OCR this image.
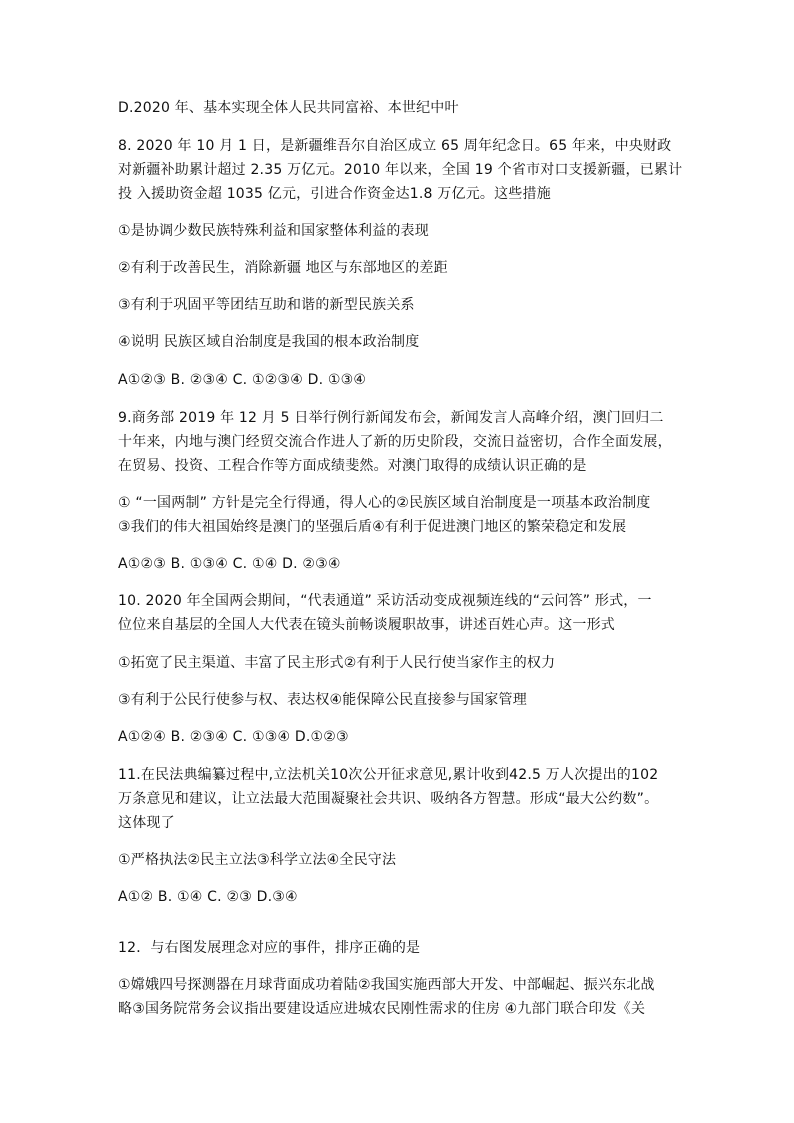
D.2020 年、基本实现全体人民共同富裕、本世纪中叶
8. 2020 年 10 月 1 日，是新疆维吾尔自治区成立 65 周年纪念日。65 年来，中央财政
对新疆补助累计超过 2.35 万亿元。2010 年以来，全国 19 个省市对口支援新疆，已累计
投 入援助资金超 1035 亿元，引进合作资金达1.8 万亿元。这些措施
①是协调少数民族特殊利益和国家整体利益的表现
②有利于改善民生，消除新疆 地区与东部地区的差距
③有利于巩固平等团结互助和谐的新型民族关系
④说明 民族区域自治制度是我国的根本政治制度
A①②③ B. ②③④ C. ①②③④ D. ①③④
9.商务部 2019 年 12 月 5 日举行例行新闻发布会，新闻发言人高峰介绍，澳门回归二
十年来，内地与澳门经贸交流合作进人了新的历史阶段，交流日益密切，合作全面发展，
在贸易、投资、工程合作等方面成绩斐然。对澳门取得的成绩认识正确的是
① “一国两制” 方针是完全行得通，得人心的②民族区域自治制度是一项基本政治制度
③我们的伟大祖国始终是澳门的坚强后盾④有利于促进澳门地区的繁荣稳定和发展
A①②③ B. ①③④ C. ①④ D. ②③④
10. 2020 年全国两会期间，“代表通道” 采访活动变成视频连线的“云问答” 形式，一
位位来自基层的全国人大代表在镜头前畅谈履职故事，讲述百姓心声。这一形式
①拓宽了民主渠道、丰富了民主形式②有利于人民行使当家作主的权力
③有利于公民行使参与权、表达权④能保障公民直接参与国家管理
A①②④ B. ②③④ C. ①③④ D.①②③
11.在民法典编纂过程中,立法机关10次公开征求意见,累计收到42.5 万人次提出的102
万条意见和建议，让立法最大范围凝聚社会共识、吸纳各方智慧。形成“最大公约数”。
这体现了
①严格执法②民主立法③科学立法④全民守法
A①② B. ①④ C. ②③ D.③④
12．与右图发展理念对应的事件，排序正确的是
①嫦娥四号探测器在月球背面成功着陆②我国实施西部大开发、中部崛起、振兴东北战
略③国务院常务会议指出要建设适应进城农民刚性需求的住房 ④九部门联合印发《关
